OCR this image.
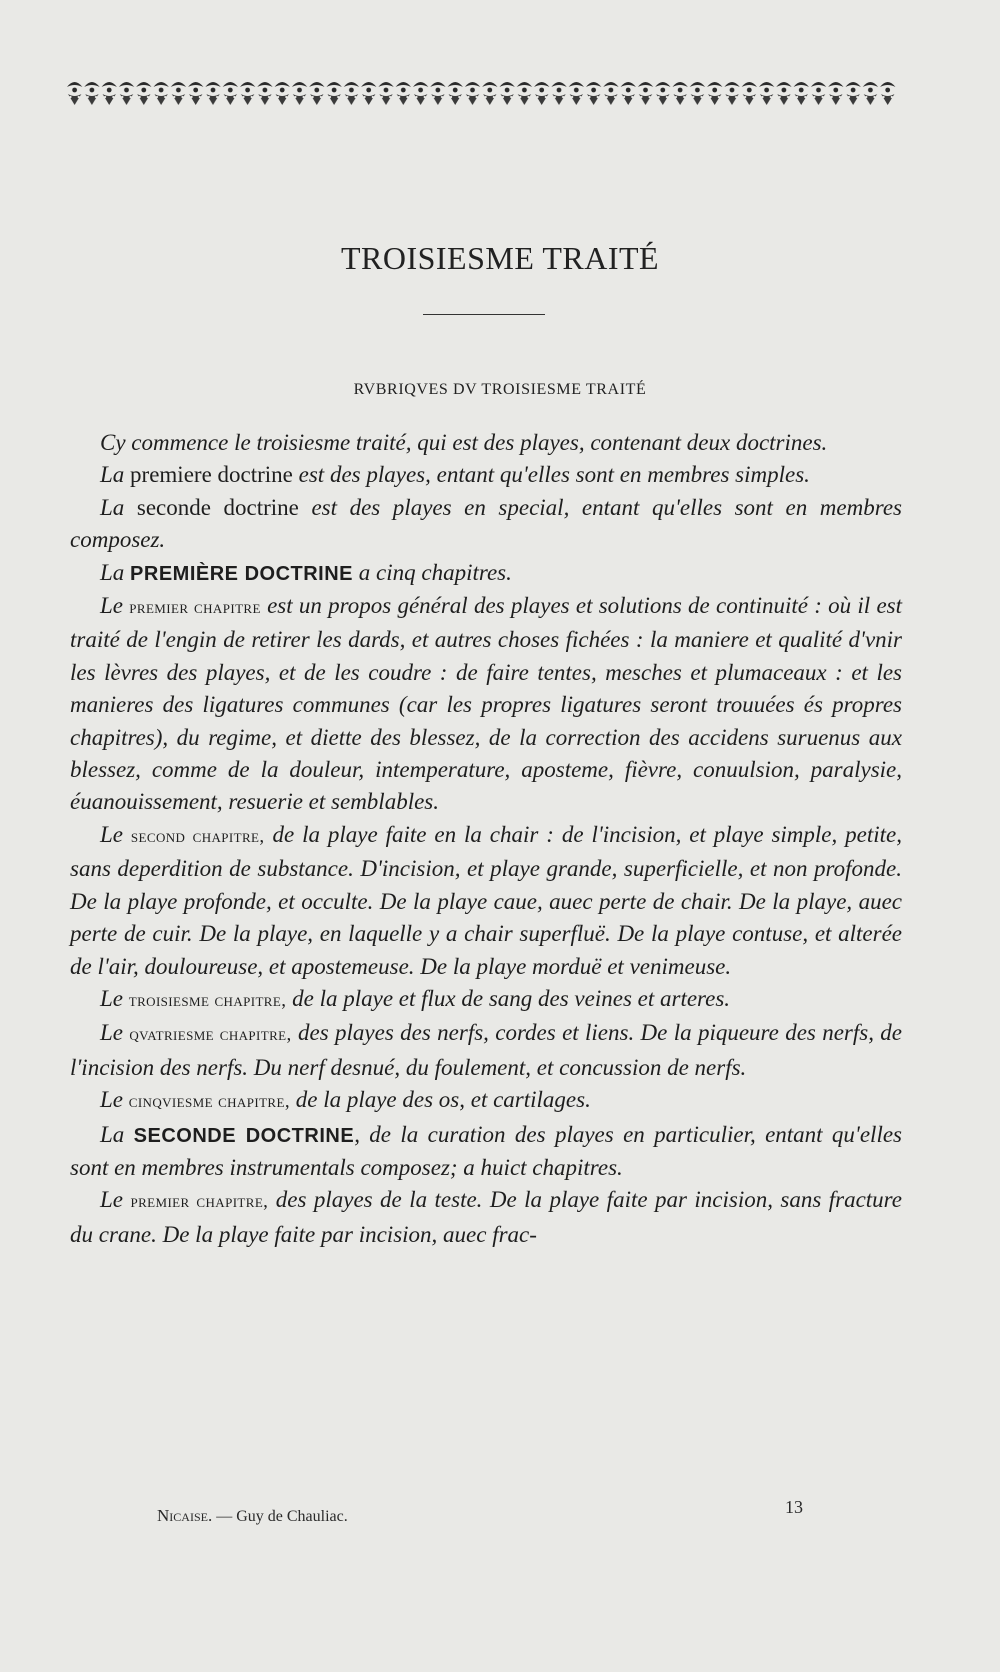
TROISIESME TRAITÉ
RVBRIQVES DV TROISIESME TRAITÉ

Cy commence le troisiesme traité, qui est des playes, contenant deux doctrines.

La premiere doctrine est des playes, entant qu'elles sont en membres simples.

La seconde doctrine est des playes en special, entant qu'elles sont en membres composez.

La PREMIÈRE DOCTRINE a cinq chapitres.

Le premier chapitre est un propos général des playes et solutions de continuité : où il est traité de l'engin de retirer les dards, et autres choses fichées : la maniere et qualité d'vnir les lèvres des playes, et de les coudre : de faire tentes, mesches et plumaceaux : et les manieres des ligatures communes (car les propres ligatures seront trouuées és propres chapitres), du regime, et diette des blessez, de la correction des accidens suruenus aux blessez, comme de la douleur, intemperature, aposteme, fièvre, conuulsion, paralysie, éuanouissement, resuerie et semblables.

Le second chapitre, de la playe faite en la chair : de l'incision, et playe simple, petite, sans deperdition de substance. D'incision, et playe grande, superficielle, et non profonde. De la playe profonde, et occulte. De la playe caue, auec perte de chair. De la playe, auec perte de cuir. De la playe, en laquelle y a chair superfluë. De la playe contuse, et alterée de l'air, douloureuse, et apostemeuse. De la playe morduë et venimeuse.

Le troisiesme chapitre, de la playe et flux de sang des veines et arteres.

Le qvatriesme chapitre, des playes des nerfs, cordes et liens. De la piqueure des nerfs, de l'incision des nerfs. Du nerf desnué, du foulement, et concussion de nerfs.

Le cinqviesme chapitre, de la playe des os, et cartilages.

La SECONDE DOCTRINE, de la curation des playes en particulier, entant qu'elles sont en membres instrumentals composez; a huict chapitres.

Le premier chapitre, des playes de la teste. De la playe faite par incision, sans fracture du crane. De la playe faite par incision, auec frac-

Nicaise. — Guy de Chauliac.	13
